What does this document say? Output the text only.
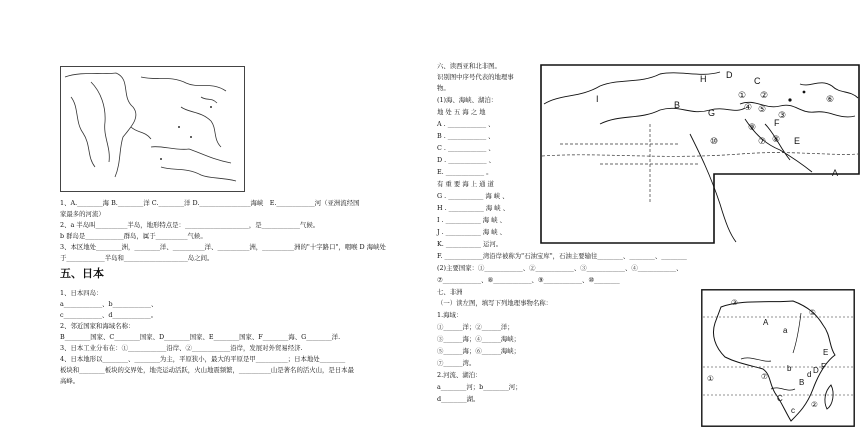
1、A.________海 B.________洋 C.________洋 D.________________海峡　E.____________河（亚洲流经国
家最多的河流）
2、a 半岛叫__________半岛，地形特点是：____________________，是____________气候。
b 群岛是____________群岛，属于__________气候。
3、本区地处________洲，________洋、__________洋、__________洲，__________洲的"十字路口"，咽喉 D 海峡处
于____________半岛和____________________岛之间。
五、日本
1、日本四岛：
a____________、b____________、
c____________、d____________。
2、邻近国家和海域名称：
B________国家、C________国家、D________国家、E________国家、F________海、G________洋.
3、日本工业分布在：①____________沿岸、②____________沿岸，发展对外贸易经济.
4、日本地形以________、________为主，平原狭小，最大的平原是甲__________；日本地处________
板块和________板块的交界处，地壳运动活跃，火山地震频繁，__________山是著名的活火山，是日本最
高峰。
六、读西亚和北非图。
识别图中序号代表的地理事
物。
(1)海、海峡、湖泊：
地 处 五 海 之 地
A . ____________ 、
B . ____________ 、
C . ____________ 、
D . ____________ 、
E. ____________ 。
有 重 要 海 上 通 道
G . ___________ 海 峡 、
H . ___________ 海 峡 、
I . ___________ 海 峡 、
J . ___________ 海 峡 、
K. ___________ 运河。
F. ____________湾沿岸被称为"石油宝库"，石油主要输往________、________、________
(2)主要国家：①____________、②____________、③____________、④____________、
⑦____________、⑧____________、⑨____________、⑩________
七、非洲
（一）读左图，填写下列地理事物名称：
1.海域：
①______洋；②______洋；
③______海；④______海峡；
⑤______海；⑥______海峡；
⑦______湾。
2.河流、湖泊：
a________河；b________河；
d________湖。
H D
C
B
I
G
A
E
F
⑩
⑨
⑦ ⑧
④
②
①
③
⑤
⑥
A
a
b
c
d D
E
F
B
C
①
②
③
⑤
⑦
